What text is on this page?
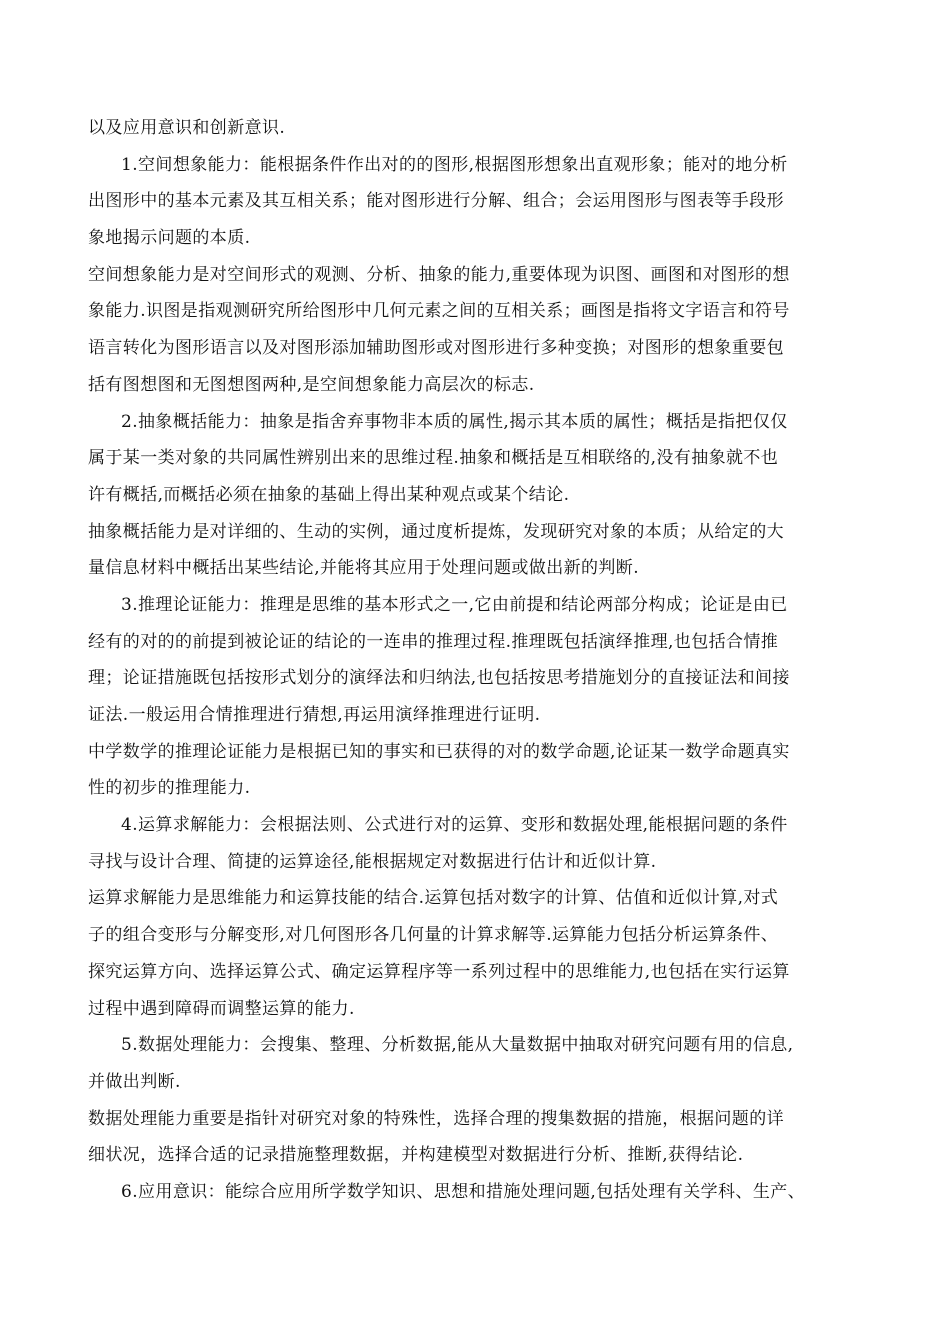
以及应用意识和创新意识.
1.空间想象能力：能根据条件作出对的的图形,根据图形想象出直观形象；能对的地分析
出图形中的基本元素及其互相关系；能对图形进行分解、组合；会运用图形与图表等手段形
象地揭示问题的本质.
空间想象能力是对空间形式的观测、分析、抽象的能力,重要体现为识图、画图和对图形的想
象能力.识图是指观测研究所给图形中几何元素之间的互相关系；画图是指将文字语言和符号
语言转化为图形语言以及对图形添加辅助图形或对图形进行多种变换；对图形的想象重要包
括有图想图和无图想图两种,是空间想象能力高层次的标志.
2.抽象概括能力：抽象是指舍弃事物非本质的属性,揭示其本质的属性；概括是指把仅仅
属于某一类对象的共同属性辨别出来的思维过程.抽象和概括是互相联络的,没有抽象就不也
许有概括,而概括必须在抽象的基础上得出某种观点或某个结论.
抽象概括能力是对详细的、生动的实例，通过度析提炼，发现研究对象的本质；从给定的大
量信息材料中概括出某些结论,并能将其应用于处理问题或做出新的判断.
3.推理论证能力：推理是思维的基本形式之一,它由前提和结论两部分构成；论证是由已
经有的对的的前提到被论证的结论的一连串的推理过程.推理既包括演绎推理,也包括合情推
理；论证措施既包括按形式划分的演绎法和归纳法,也包括按思考措施划分的直接证法和间接
证法.一般运用合情推理进行猜想,再运用演绎推理进行证明.
中学数学的推理论证能力是根据已知的事实和已获得的对的数学命题,论证某一数学命题真实
性的初步的推理能力.
4.运算求解能力：会根据法则、公式进行对的运算、变形和数据处理,能根据问题的条件
寻找与设计合理、简捷的运算途径,能根据规定对数据进行估计和近似计算.
运算求解能力是思维能力和运算技能的结合.运算包括对数字的计算、估值和近似计算,对式
子的组合变形与分解变形,对几何图形各几何量的计算求解等.运算能力包括分析运算条件、
探究运算方向、选择运算公式、确定运算程序等一系列过程中的思维能力,也包括在实行运算
过程中遇到障碍而调整运算的能力.
5.数据处理能力：会搜集、整理、分析数据,能从大量数据中抽取对研究问题有用的信息,
并做出判断.
数据处理能力重要是指针对研究对象的特殊性，选择合理的搜集数据的措施，根据问题的详
细状况，选择合适的记录措施整理数据，并构建模型对数据进行分析、推断,获得结论.
6.应用意识：能综合应用所学数学知识、思想和措施处理问题,包括处理有关学科、生产、
